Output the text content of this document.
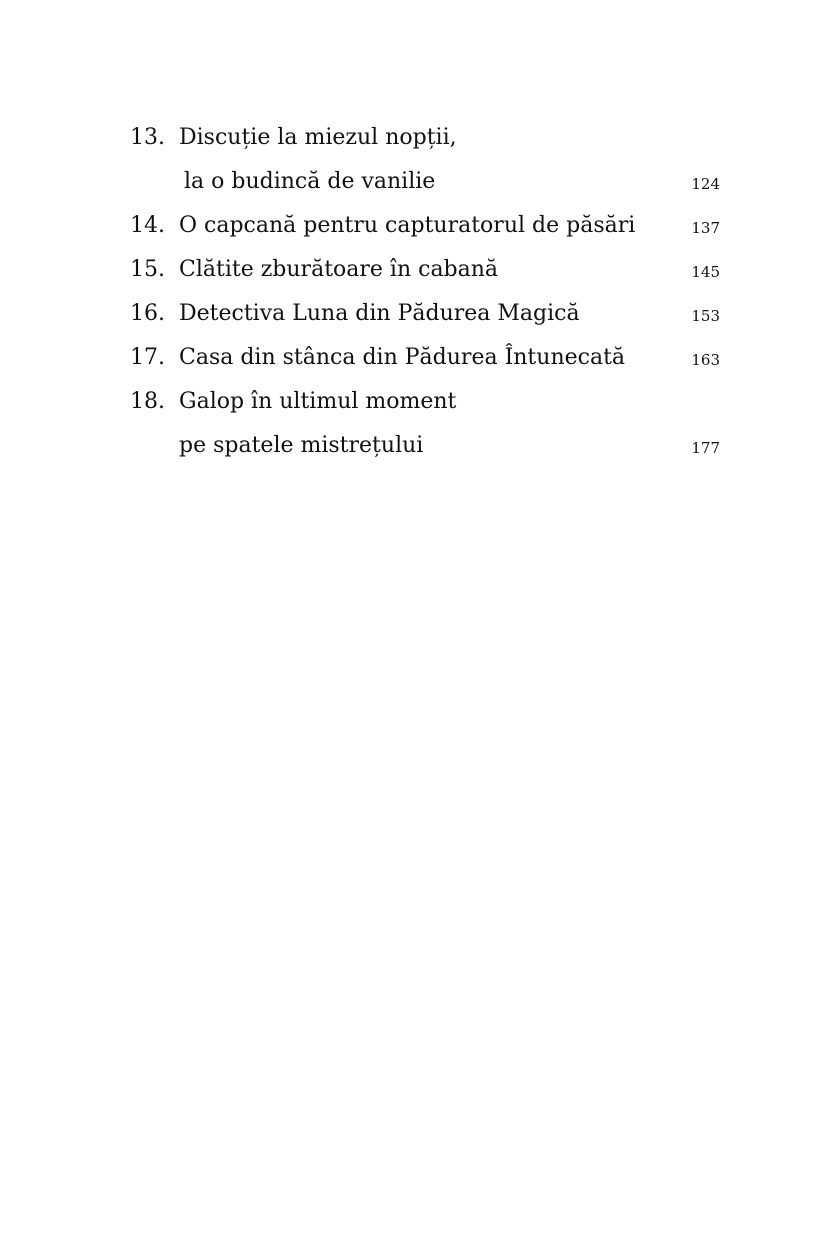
13. Discuție la miezul nopții,
la o budincă de vanilie	124
14. O capcană pentru capturatorul de păsări	137
15. Clătite zburătoare în cabană	145
16. Detectiva Luna din Pădurea Magică	153
17. Casa din stânca din Pădurea Întunecată	163
18. Galop în ultimul moment
pe spatele mistrețului	177
